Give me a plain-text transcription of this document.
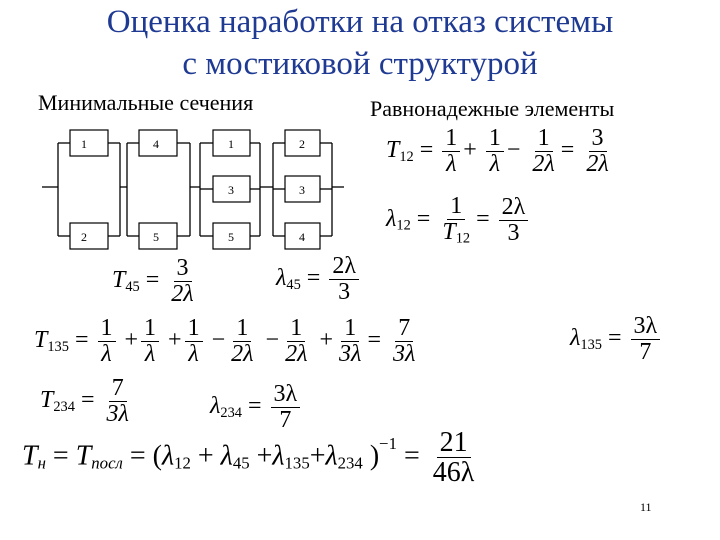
Оценка наработки на отказ системы
с мостиковой структурой
Минимальные сечения	Равнонадежные элементы
1
2
4
5
1
3
5
2
3
4
$T_{12} = \frac{1}{\lambda} + \frac{1}{\lambda} - \frac{1}{2\lambda} = \frac{3}{2\lambda}$
$\lambda_{12} = \frac{1}{T_{12}} = \frac{2\lambda}{3}$
$T_{45} = \frac{3}{2\lambda}$	$\lambda_{45} = \frac{2\lambda}{3}$
$T_{135} = \frac{1}{\lambda} + \frac{1}{\lambda} + \frac{1}{\lambda} - \frac{1}{2\lambda} - \frac{1}{2\lambda} + \frac{1}{3\lambda} = \frac{7}{3\lambda}$	$\lambda_{135} = \frac{3\lambda}{7}$
$T_{234} = \frac{7}{3\lambda}$	$\lambda_{234} = \frac{3\lambda}{7}$
$T_н = T_{посл} = (\lambda_{12} + \lambda_{45} +\lambda_{135}+\lambda_{234}$ )$^{-1} = \frac{21}{46\lambda}$
11
